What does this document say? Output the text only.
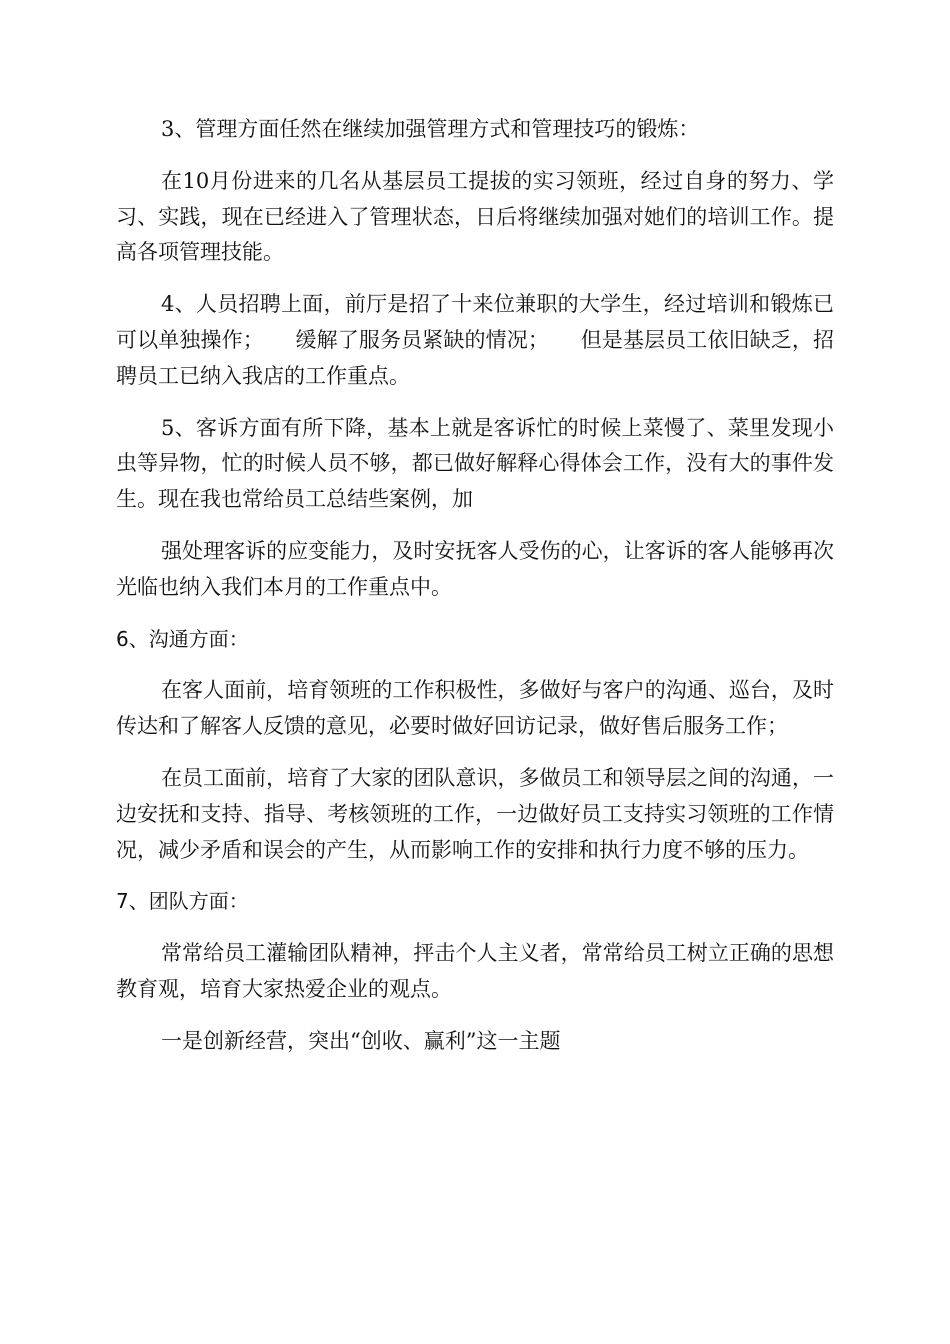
3、管理方面任然在继续加强管理方式和管理技巧的锻炼：

在10月份进来的几名从基层员工提拔的实习领班，经过自身的努力、学习、实践，现在已经进入了管理状态，日后将继续加强对她们的培训工作。提高各项管理技能。

4、人员招聘上面，前厅是招了十来位兼职的大学生，经过培训和锻炼已可以单独操作；　　缓解了服务员紧缺的情况；　　但是基层员工依旧缺乏，招聘员工已纳入我店的工作重点。

5、客诉方面有所下降，基本上就是客诉忙的时候上菜慢了、菜里发现小虫等异物，忙的时候人员不够，都已做好解释心得体会工作，没有大的事件发生。现在我也常给员工总结些案例，加

强处理客诉的应变能力，及时安抚客人受伤的心，让客诉的客人能够再次光临也纳入我们本月的工作重点中。

6、沟通方面：

在客人面前，培育领班的工作积极性，多做好与客户的沟通、巡台，及时传达和了解客人反馈的意见，必要时做好回访记录，做好售后服务工作；

在员工面前，培育了大家的团队意识，多做员工和领导层之间的沟通，一边安抚和支持、指导、考核领班的工作，一边做好员工支持实习领班的工作情况，减少矛盾和误会的产生，从而影响工作的安排和执行力度不够的压力。

7、团队方面：

常常给员工灌输团队精神，抨击个人主义者，常常给员工树立正确的思想教育观，培育大家热爱企业的观点。

一是创新经营，突出“创收、赢利”这一主题
